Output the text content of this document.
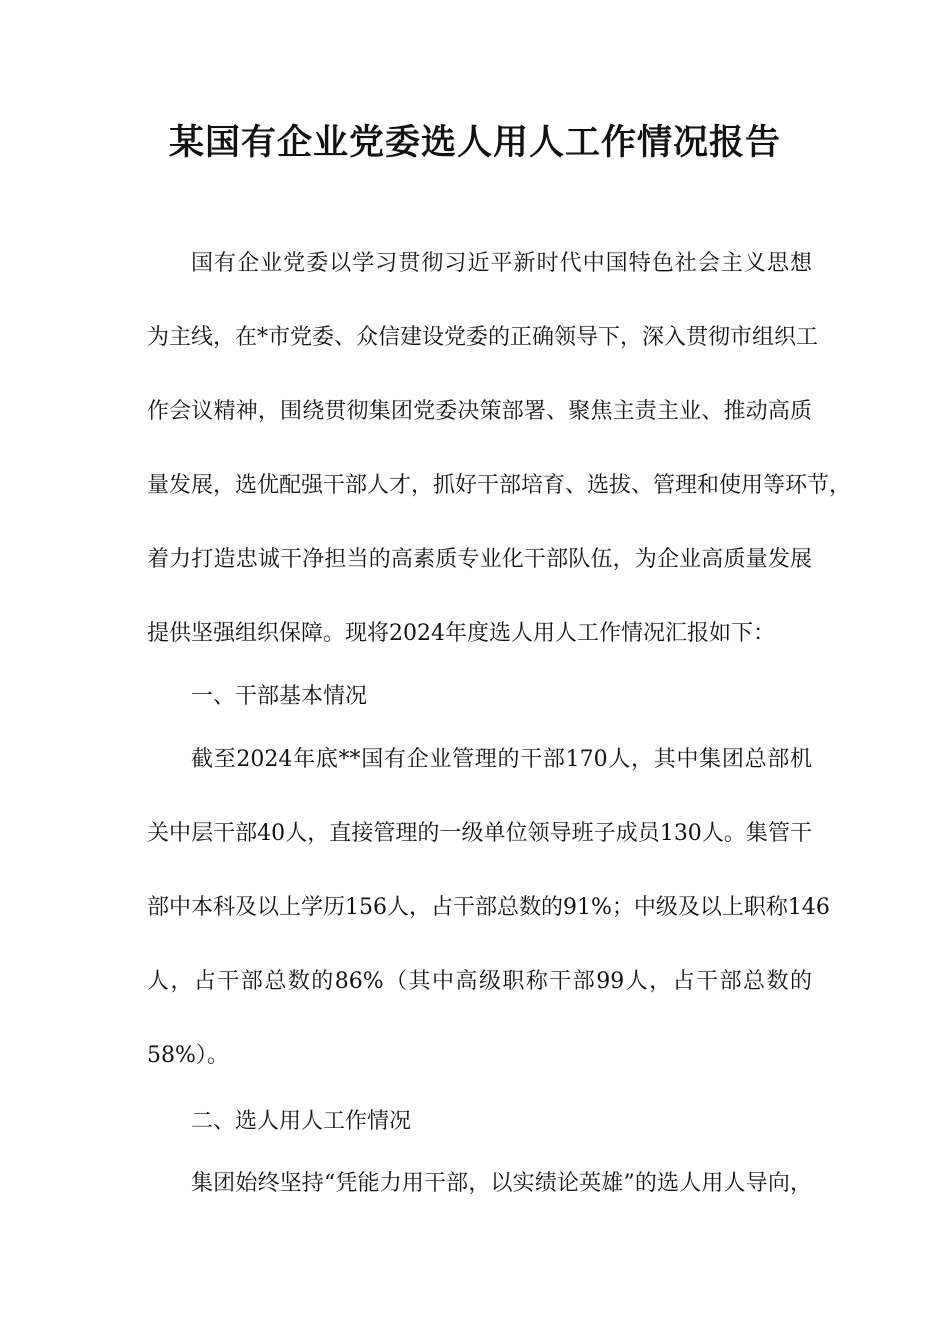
某国有企业党委选人用人工作情况报告

国有企业党委以学习贯彻习近平新时代中国特色社会主义思想

为主线，在*市党委、众信建设党委的正确领导下，深入贯彻市组织工

作会议精神，围绕贯彻集团党委决策部署、聚焦主责主业、推动高质

量发展，选优配强干部人才，抓好干部培育、选拔、管理和使用等环节，

着力打造忠诚干净担当的高素质专业化干部队伍，为企业高质量发展

提供坚强组织保障。现将2024年度选人用人工作情况汇报如下：

一、干部基本情况

截至2024年底**国有企业管理的干部170人，其中集团总部机

关中层干部40人，直接管理的一级单位领导班子成员130人。集管干

部中本科及以上学历156人，占干部总数的91%；中级及以上职称146

人，占干部总数的86%（其中高级职称干部99人，占干部总数的

58%）。

二、选人用人工作情况

集团始终坚持“凭能力用干部，以实绩论英雄”的选人用人导向，
